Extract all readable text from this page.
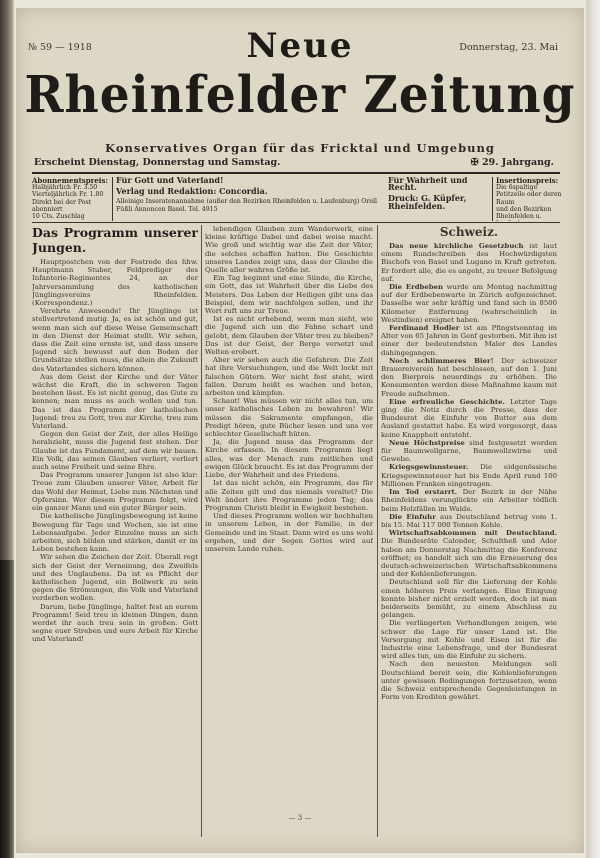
№ 59 — 1918	Donnerstag, 23. Mai
Neue
Rheinfelder Zeitung
Konservatives Organ für das Fricktal und Umgebung
Erscheint Dienstag, Donnerstag und Samstag.	✠ 29. Jahrgang.
Abonnementspreis:
Halbjährlich Fr. 3.50
Vierteljährlich Fr. 1.80
Direkt bei der Post abonniert
10 Cts. Zuschlag
Für Gott und Vaterland!
Verlag und Redaktion: Concordia.
Alleinige Inseratenannahme (außer den Bezirken Rheinfelden u. Laufenburg) Orell Füßli Annoncen Basel. Tel. 4915
Für Wahrheit und Recht.
Druck: G. Küpfer, Rheinfelden.
Insertionspreis:
Die 6spaltige Petitzeile oder deren Raum
und den Bezirken Rheinfelden u.
Das Programm unserer Jungen.

Hauptpostchen von der Festrede des hhw. Hauptmann Stuber, Feldprediger des Infanterie-Regimentes 24, an der Jahrversammlung des katholischen Jünglingsvereins Rheinfelden. (Korrespondenz.)

Verehrte Anwesende! Ihr Jünglinge ist stellvertretend mutig. Ja, es ist schön und gut, wenn man sich auf diese Weise Gemeinschaft in den Dienst der Heimat stellt. Wir sehen, dass die Zeit eine ernste ist, und dass unsere Jugend sich bewusst auf den Boden der Grundsätze stellen muss, die allein die Zukunft des Vaterlandes sichern können.

Aus dem Geist der Kirche und der Väter wächst die Kraft, die in schweren Tagen bestehen lässt. Es ist nicht genug, das Gute zu kennen; man muss es auch wollen und tun. Das ist das Programm der katholischen Jugend: treu zu Gott, treu zur Kirche, treu zum Vaterland.

Gegen den Geist der Zeit, der alles Heilige herabzieht, muss die Jugend fest stehen. Der Glaube ist das Fundament, auf dem wir bauen. Ein Volk, das seinen Glauben verliert, verliert auch seine Freiheit und seine Ehre.

Das Programm unserer Jungen ist also klar: Treue zum Glauben unserer Väter, Arbeit für das Wohl der Heimat, Liebe zum Nächsten und Opfersinn. Wer diesem Programm folgt, wird ein ganzer Mann und ein guter Bürger sein.

Die katholische Jünglingsbewegung ist keine Bewegung für Tage und Wochen, sie ist eine Lebensaufgabe. Jeder Einzelne muss an sich arbeiten, sich bilden und stärken, damit er im Leben bestehen kann.

Wir sehen die Zeichen der Zeit. Überall regt sich der Geist der Verneinung, des Zweifels und des Unglaubens. Da ist es Pflicht der katholischen Jugend, ein Bollwerk zu sein gegen die Strömungen, die Volk und Vaterland verderben wollen.

Darum, liebe Jünglinge, haltet fest an eurem Programm! Seid treu in kleinen Dingen, dann werdet ihr auch treu sein in großen. Gott segne euer Streben und eure Arbeit für Kirche und Vaterland!

lebendigen Glauben zum Wanderwerk, eine kleine kräftige Dabei und dabei weise macht. Wie groß und wichtig war die Zeit der Väter, die solches schaffen hatten. Die Geschichte unseres Landes zeigt uns, dass der Glaube die Quelle aller wahren Größe ist.

Ein Tag beginnt und eine Sünde, die Kirche, ein Gott, das ist Wahrheit über die Liebe des Meisters. Das Leben der Heiligen gibt uns das Beispiel, dem wir nachfolgen sollen, und ihr Wort ruft uns zur Treue.

Ist es nicht erhebend, wenn man sieht, wie die Jugend sich um die Fahne schart und gelobt, dem Glauben der Väter treu zu bleiben? Das ist der Geist, der Berge versetzt und Welten erobert.

Aber wir sehen auch die Gefahren. Die Zeit hat ihre Versuchungen, und die Welt lockt mit falschen Gütern. Wer nicht fest steht, wird fallen. Darum heißt es wachen und beten, arbeiten und kämpfen.

Schaut! Was müssen wir nicht alles tun, um unser katholisches Leben zu bewahren! Wir müssen die Sakramente empfangen, die Predigt hören, gute Bücher lesen und uns vor schlechter Gesellschaft hüten.

Ja, die Jugend muss das Programm der Kirche erfassen. In diesem Programm liegt alles, was der Mensch zum zeitlichen und ewigen Glück braucht. Es ist das Programm der Liebe, der Wahrheit und des Friedens.

Ist das nicht schön, ein Programm, das für alle Zeiten gilt und das niemals veraltet? Die Welt ändert ihre Programme jeden Tag; das Programm Christi bleibt in Ewigkeit bestehen.

Und dieses Programm wollen wir hochhalten in unserem Leben, in der Familie, in der Gemeinde und im Staat. Dann wird es uns wohl ergehen, und der Segen Gottes wird auf unserem Lande ruhen.

Schweiz.

Das neue kirchliche Gesetzbuch ist laut einem Rundschreiben des Hochwürdigsten Bischofs von Basel und Lugano in Kraft getreten. Er fordert alle, die es angeht, zu treuer Befolgung auf.

Die Erdbeben wurde am Montag nachmittag auf der Erdbebenwarte in Zürich aufgezeichnet. Dasselbe war sehr kräftig und fand sich in 8500 Kilometer Entfernung (wahrscheinlich in Westindien) ereignet haben.

Ferdinand Hodler ist am Pfingstsonntag im Alter von 65 Jahren in Genf gestorben. Mit ihm ist einer der bedeutendsten Maler des Landes dahingegangen.

Noch schlimmeres Bier! Der schweizer Brauereiverein hat beschlossen, auf den 1. Juni den Bierpreis neuerdings zu erhöhen. Die Konsumenten werden diese Maßnahme kaum mit Freude aufnehmen.

Eine erfreuliche Geschichte. Letzter Tage ging die Notiz durch die Presse, dass der Bundesrat die Einfuhr von Butter aus dem Ausland gestattet habe. Es wird vorgesorgt, dass keine Knappheit entsteht.

Neue Höchstpreise sind festgesetzt worden für Baumwollgarne, Baumwollzwirne und Gewebe.

Kriegsgewinnsteuer. Die eidgenössische Kriegsgewinnsteuer hat bis Ende April rund 100 Millionen Franken eingetragen.

Im Tod erstarrt. Der Bezirk in der Nähe Rheinfeldens verunglückte ein Arbeiter tödlich beim Holzfällen im Walde.

Die Einfuhr aus Deutschland betrug vom 1. bis 15. Mai 117 000 Tonnen Kohle.

Wirtschaftsabkommen mit Deutschland. Die Bundesräte Calonder, Schultheß und Ador haben am Donnerstag Nachmittag die Konferenz eröffnet; es handelt sich um die Erneuerung des deutsch-schweizerischen Wirtschaftsabkommens und der Kohlenlieferungen.

Deutschland soll für die Lieferung der Kohle einen höheren Preis verlangen. Eine Einigung konnte bisher nicht erzielt werden, doch ist man beiderseits bemüht, zu einem Abschluss zu gelangen.

Die verlängerten Verhandlungen zeigen, wie schwer die Lage für unser Land ist. Die Versorgung mit Kohle und Eisen ist für die Industrie eine Lebensfrage, und der Bundesrat wird alles tun, um die Einfuhr zu sichern.

Nach den neuesten Meldungen soll Deutschland bereit sein, die Kohlenlieferungen unter gewissen Bedingungen fortzusetzen, wenn die Schweiz entsprechende Gegenleistungen in Form von Krediten gewährt.

— 3 —
